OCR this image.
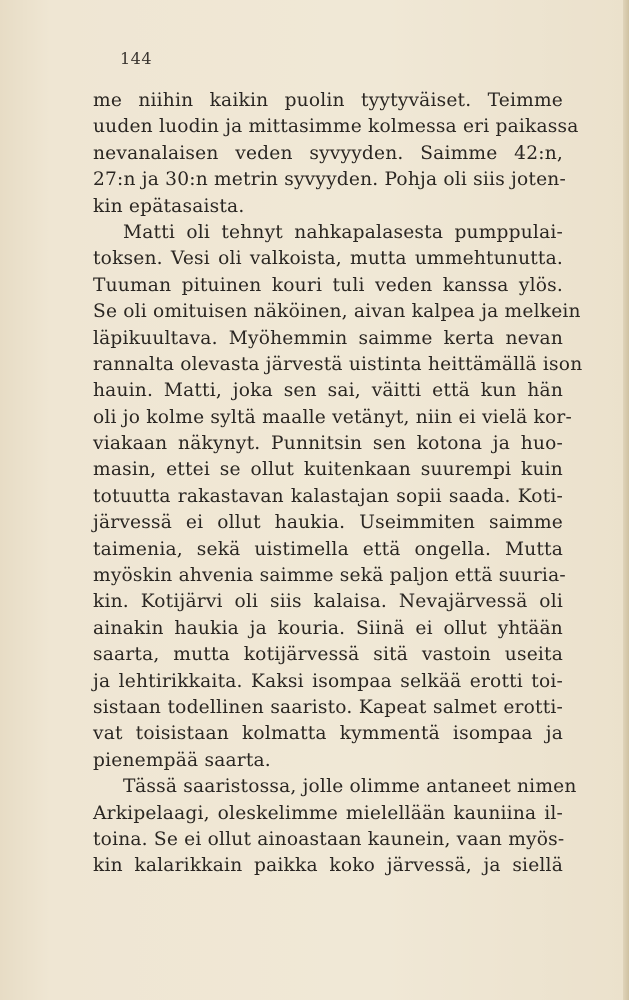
144
me niihin kaikin puolin tyytyväiset. Teimme
uuden luodin ja mittasimme kolmessa eri paikassa
nevanalaisen veden syvyyden. Saimme 42:n,
27:n ja 30:n metrin syvyyden. Pohja oli siis joten-
kin epätasaista.
Matti oli tehnyt nahkapalasesta pumppulai-
toksen. Vesi oli valkoista, mutta ummehtunutta.
Tuuman pituinen kouri tuli veden kanssa ylös.
Se oli omituisen näköinen, aivan kalpea ja melkein
läpikuultava. Myöhemmin saimme kerta nevan
rannalta olevasta järvestä uistinta heittämällä ison
hauin. Matti, joka sen sai, väitti että kun hän
oli jo kolme syltä maalle vetänyt, niin ei vielä kor-
viakaan näkynyt. Punnitsin sen kotona ja huo-
masin, ettei se ollut kuitenkaan suurempi kuin
totuutta rakastavan kalastajan sopii saada. Koti-
järvessä ei ollut haukia. Useimmiten saimme
taimenia, sekä uistimella että ongella. Mutta
myöskin ahvenia saimme sekä paljon että suuria-
kin. Kotijärvi oli siis kalaisa. Nevajärvessä oli
ainakin haukia ja kouria. Siinä ei ollut yhtään
saarta, mutta kotijärvessä sitä vastoin useita
ja lehtirikkaita. Kaksi isompaa selkää erotti toi-
sistaan todellinen saaristo. Kapeat salmet erotti-
vat toisistaan kolmatta kymmentä isompaa ja
pienempää saarta.
Tässä saaristossa, jolle olimme antaneet nimen
Arkipelaagi, oleskelimme mielellään kauniina il-
toina. Se ei ollut ainoastaan kaunein, vaan myös-
kin kalarikkain paikka koko järvessä, ja siellä
